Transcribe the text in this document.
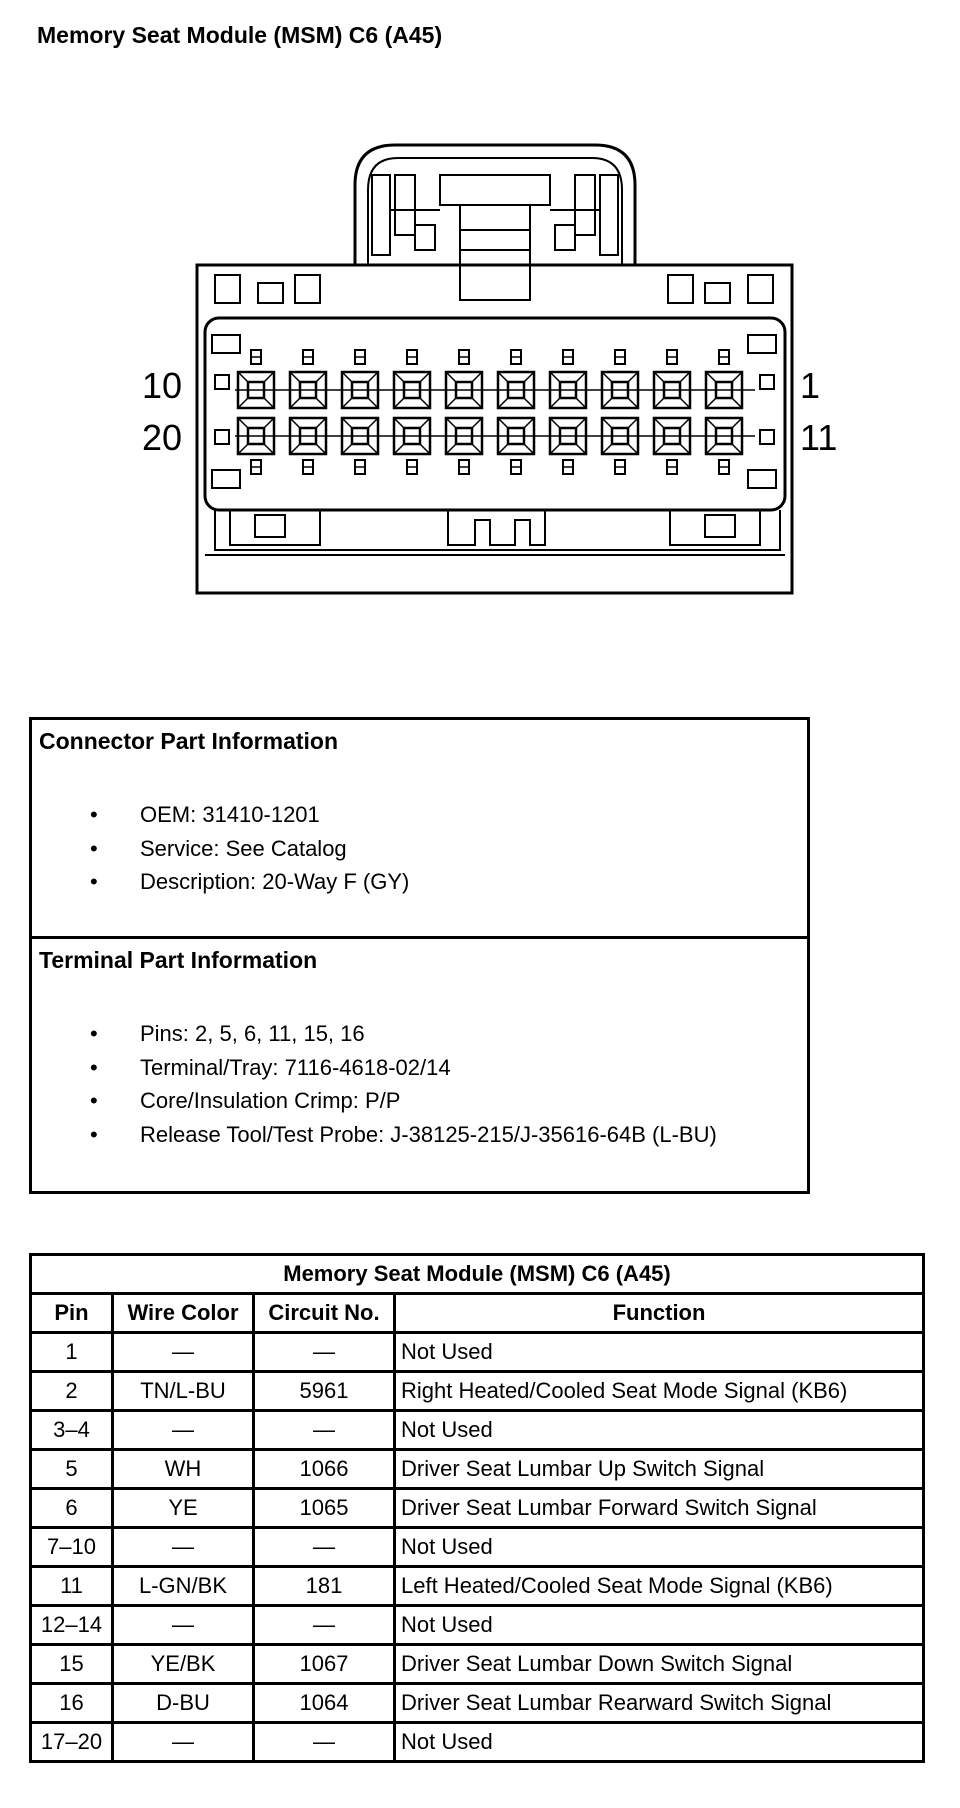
Memory Seat Module (MSM) C6 (A45)
10
20
1
11
Connector Part Information
• OEM: 31410-1201
• Service: See Catalog
• Description: 20-Way F (GY)
Terminal Part Information
• Pins: 2, 5, 6, 11, 15, 16
• Terminal/Tray: 7116-4618-02/14
• Core/Insulation Crimp: P/P
• Release Tool/Test Probe: J-38125-215/J-35616-64B (L-BU)
Memory Seat Module (MSM) C6 (A45)			
Pin	Wire Color	Circuit No.	Function
1	—	—	Not Used
2	TN/L-BU	5961	Right Heated/Cooled Seat Mode Signal (KB6)
3–4	—	—	Not Used
5	WH	1066	Driver Seat Lumbar Up Switch Signal
6	YE	1065	Driver Seat Lumbar Forward Switch Signal
7–10	—	—	Not Used
11	L-GN/BK	181	Left Heated/Cooled Seat Mode Signal (KB6)
12–14	—	—	Not Used
15	YE/BK	1067	Driver Seat Lumbar Down Switch Signal
16	D-BU	1064	Driver Seat Lumbar Rearward Switch Signal
17–20	—	—	Not Used
